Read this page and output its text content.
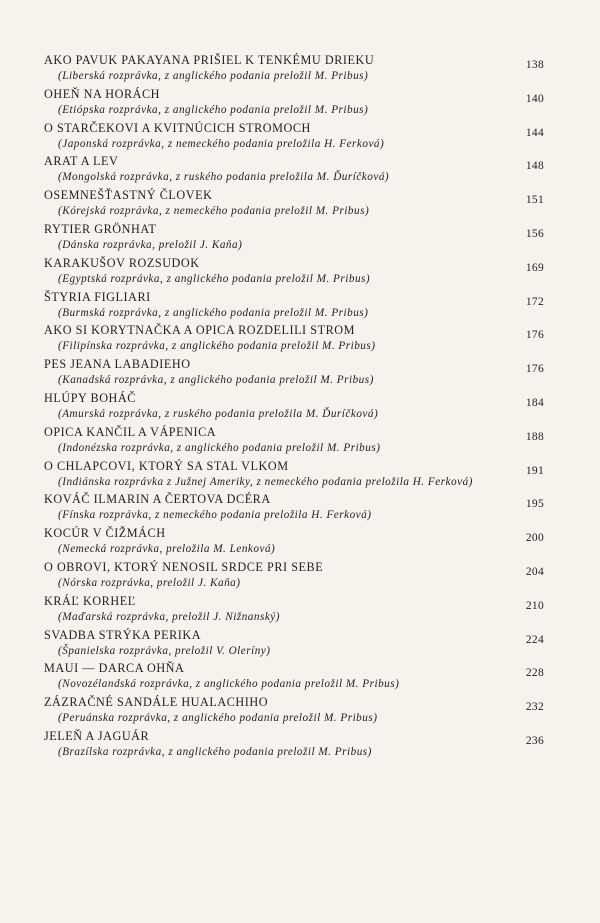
AKO PAVUK PAKAYANA PRIŠIEL K TENKÉMU DRIEKU
(Liberská rozprávka, z anglického podania preložil M. Pribus)
138
OHEŇ NA HORÁCH
(Etiópska rozprávka, z anglického podania preložil M. Pribus)
140
O STARČEKOVI A KVITNÚCICH STROMOCH
(Japonská rozprávka, z nemeckého podania preložila H. Ferková)
144
ARAT A LEV
(Mongolská rozprávka, z ruského podania preložila M. Ďuríčková)
148
OSEMNEŠŤASTNÝ ČLOVEK
(Kórejská rozprávka, z nemeckého podania preložil M. Pribus)
151
RYTIER GRÖNHAT
(Dánska rozprávka, preložil J. Kaňa)
156
KARAKUŠOV ROZSUDOK
(Egyptská rozprávka, z anglického podania preložil M. Pribus)
169
ŠTYRIA FIGLIARI
(Burmská rozprávka, z anglického podania preložil M. Pribus)
172
AKO SI KORYTNAČKA A OPICA ROZDELILI STROM
(Filipínska rozprávka, z anglického podania preložil M. Pribus)
176
PES JEANA LABADIEHO
(Kanadská rozprávka, z anglického podania preložil M. Pribus)
176
HLÚPY BOHÁČ
(Amurská rozprávka, z ruského podania preložila M. Ďuríčková)
184
OPICA KANČIL A VÁPENICA
(Indonézska rozprávka, z anglického podania preložil M. Pribus)
188
O CHLAPCOVI, KTORÝ SA STAL VLKOM
(Indiánska rozprávka z Južnej Ameriky, z nemeckého podania preložila H. Ferková)
191
KOVÁČ ILMARIN A ČERTOVA DCÉRA
(Fínska rozprávka, z nemeckého podania preložila H. Ferková)
195
KOCÚR V ČIŽMÁCH
(Nemecká rozprávka, preložila M. Lenková)
200
O OBROVI, KTORÝ NENOSIL SRDCE PRI SEBE
(Nórska rozprávka, preložil J. Kaňa)
204
KRÁĽ KORHEĽ
(Maďarská rozprávka, preložil J. Nižnanský)
210
SVADBA STRÝKA PERIKA
(Španielska rozprávka, preložil V. Oleríny)
224
MAUI — DARCA OHŇA
(Novozélandská rozprávka, z anglického podania preložil M. Pribus)
228
ZÁZRAČNÉ SANDÁLE HUALACHIHO
(Peruánska rozprávka, z anglického podania preložil M. Pribus)
232
JELEŇ A JAGUÁR
(Brazílska rozprávka, z anglického podania preložil M. Pribus)
236
